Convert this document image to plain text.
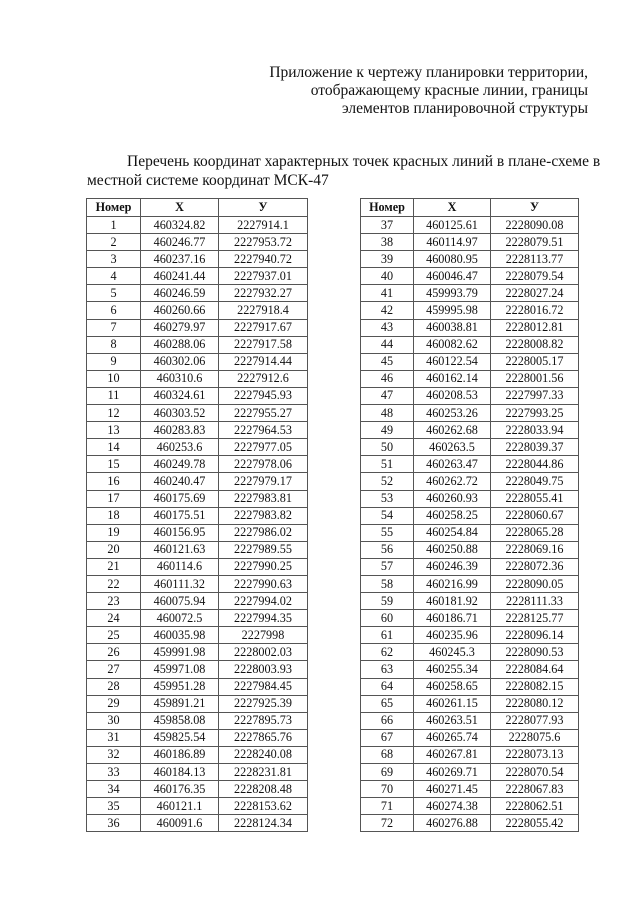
Приложение к чертежу планировки территории,
отображающему красные линии, границы
элементов планировочной структуры
Перечень координат характерных точек красных линий в плане-схеме в
местной системе координат МСК-47
Номер	Х	У
1	460324.82	2227914.1
2	460246.77	2227953.72
3	460237.16	2227940.72
4	460241.44	2227937.01
5	460246.59	2227932.27
6	460260.66	2227918.4
7	460279.97	2227917.67
8	460288.06	2227917.58
9	460302.06	2227914.44
10	460310.6	2227912.6
11	460324.61	2227945.93
12	460303.52	2227955.27
13	460283.83	2227964.53
14	460253.6	2227977.05
15	460249.78	2227978.06
16	460240.47	2227979.17
17	460175.69	2227983.81
18	460175.51	2227983.82
19	460156.95	2227986.02
20	460121.63	2227989.55
21	460114.6	2227990.25
22	460111.32	2227990.63
23	460075.94	2227994.02
24	460072.5	2227994.35
25	460035.98	2227998
26	459991.98	2228002.03
27	459971.08	2228003.93
28	459951.28	2227984.45
29	459891.21	2227925.39
30	459858.08	2227895.73
31	459825.54	2227865.76
32	460186.89	2228240.08
33	460184.13	2228231.81
34	460176.35	2228208.48
35	460121.1	2228153.62
36	460091.6	2228124.34
Номер	Х	У
37	460125.61	2228090.08
38	460114.97	2228079.51
39	460080.95	2228113.77
40	460046.47	2228079.54
41	459993.79	2228027.24
42	459995.98	2228016.72
43	460038.81	2228012.81
44	460082.62	2228008.82
45	460122.54	2228005.17
46	460162.14	2228001.56
47	460208.53	2227997.33
48	460253.26	2227993.25
49	460262.68	2228033.94
50	460263.5	2228039.37
51	460263.47	2228044.86
52	460262.72	2228049.75
53	460260.93	2228055.41
54	460258.25	2228060.67
55	460254.84	2228065.28
56	460250.88	2228069.16
57	460246.39	2228072.36
58	460216.99	2228090.05
59	460181.92	2228111.33
60	460186.71	2228125.77
61	460235.96	2228096.14
62	460245.3	2228090.53
63	460255.34	2228084.64
64	460258.65	2228082.15
65	460261.15	2228080.12
66	460263.51	2228077.93
67	460265.74	2228075.6
68	460267.81	2228073.13
69	460269.71	2228070.54
70	460271.45	2228067.83
71	460274.38	2228062.51
72	460276.88	2228055.42
